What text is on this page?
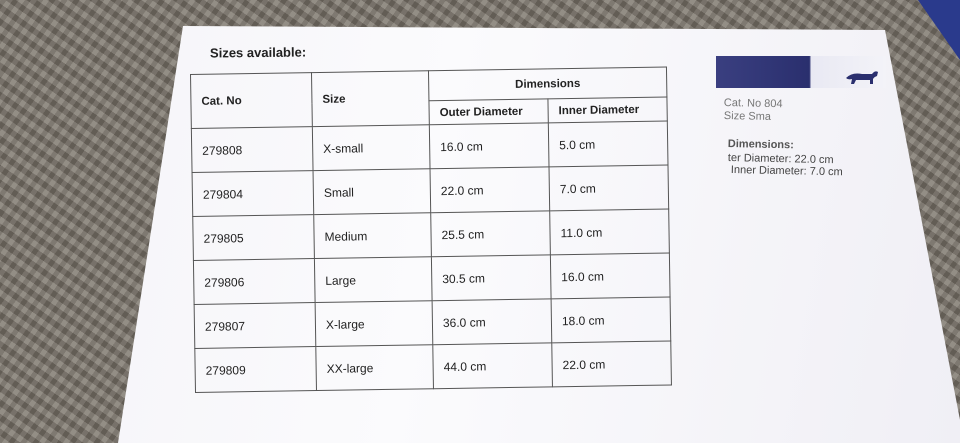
Sizes available:
Cat. No	Size	Dimensions	
		Outer Diameter	Inner Diameter
279808	X-small	16.0 cm	5.0 cm
279804	Small	22.0 cm	7.0 cm
279805	Medium	25.5 cm	11.0 cm
279806	Large	30.5 cm	16.0 cm
279807	X-large	36.0 cm	18.0 cm
279809	XX-large	44.0 cm	22.0 cm
Cat. No 804
Size Sma
Dimensions:
ter Diameter: 22.0 cm
Inner Diameter: 7.0 cm
